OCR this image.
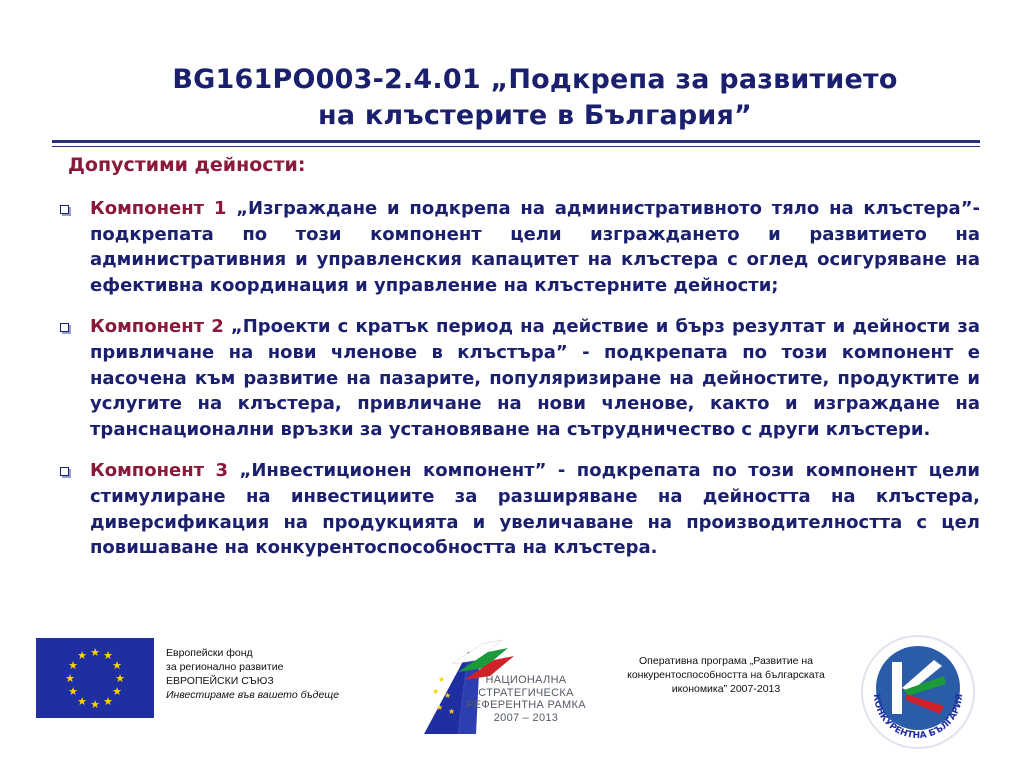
BG161PO003-2.4.01 „Подкрепа за развитието
на клъстерите в България”
Допустими дейности:
Компонент 1 „Изграждане и подкрепа на административното тяло на клъстера”- подкрепата по този компонент цели изграждането и развитието на административния и управленския капацитет на клъстера с оглед осигуряване на ефективна координация и управление на клъстерните дейности;
Компонент 2 „Проекти с кратък период на действие и бърз резултат и дейности за привличане на нови членове в клъстъра” - подкрепата по този компонент е насочена към развитие на пазарите, популяризиране на дейностите, продуктите и услугите на клъстера, привличане на нови членове, както и изграждане на транснационални връзки за установяване на сътрудничество с други клъстери.
Компонент 3 „Инвестиционен компонент” - подкрепата по този компонент цели стимулиране на инвестициите за разширяване на дейността на клъстера, диверсификация на продукцията и увеличаване на производителността с цел повишаване на конкурентоспособността на клъстера.
★ ★
★
★
★
★
★
★
★
★
★
★	Европейски фонд
за регионално развитие
ЕВРОПЕЙСКИ СЪЮЗ
Инвестираме във вашето бъдеще
★
★ ★
★ ★
НАЦИОНАЛНА
СТРАТЕГИЧЕСКА
РЕФЕРЕНТНА РАМКА
2007 – 2013
Оперативна програма „Развитие на
конкурентоспособността на българската
икономика” 2007-2013
КОНКУРЕНТНА БЪЛГАРИЯ
